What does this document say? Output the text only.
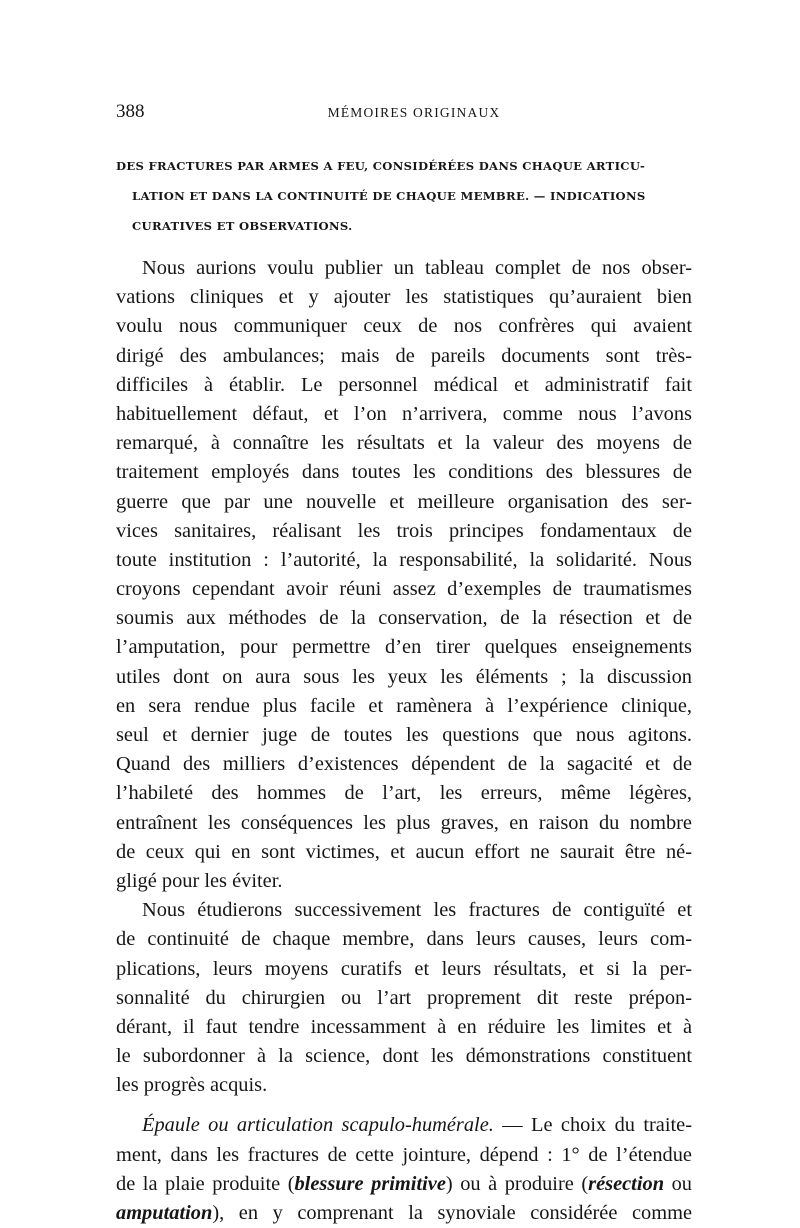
388	MÉMOIRES ORIGINAUX
DES FRACTURES PAR ARMES A FEU, CONSIDÉRÉES DANS CHAQUE ARTICU-
LATION ET DANS LA CONTINUITÉ DE CHAQUE MEMBRE. — INDICATIONS
CURATIVES ET OBSERVATIONS.
Nous aurions voulu publier un tableau complet de nos obser-
vations cliniques et y ajouter les statistiques qu’auraient bien
voulu nous communiquer ceux de nos confrères qui avaient
dirigé des ambulances; mais de pareils documents sont très-
difficiles à établir. Le personnel médical et administratif fait
habituellement défaut, et l’on n’arrivera, comme nous l’avons
remarqué, à connaître les résultats et la valeur des moyens de
traitement employés dans toutes les conditions des blessures de
guerre que par une nouvelle et meilleure organisation des ser-
vices sanitaires, réalisant les trois principes fondamentaux de
toute institution : l’autorité, la responsabilité, la solidarité. Nous
croyons cependant avoir réuni assez d’exemples de traumatismes
soumis aux méthodes de la conservation, de la résection et de
l’amputation, pour permettre d’en tirer quelques enseignements
utiles dont on aura sous les yeux les éléments ; la discussion
en sera rendue plus facile et ramènera à l’expérience clinique,
seul et dernier juge de toutes les questions que nous agitons.
Quand des milliers d’existences dépendent de la sagacité et de
l’habileté des hommes de l’art, les erreurs, même légères,
entraînent les conséquences les plus graves, en raison du nombre
de ceux qui en sont victimes, et aucun effort ne saurait être né-
gligé pour les éviter.
Nous étudierons successivement les fractures de contiguïté et
de continuité de chaque membre, dans leurs causes, leurs com-
plications, leurs moyens curatifs et leurs résultats, et si la per-
sonnalité du chirurgien ou l’art proprement dit reste prépon-
dérant, il faut tendre incessamment à en réduire les limites et à
le subordonner à la science, dont les démonstrations constituent
les progrès acquis.
Épaule ou articulation scapulo-humérale. — Le choix du traite-
ment, dans les fractures de cette jointure, dépend : 1° de l’étendue
de la plaie produite (blessure primitive) ou à produire (résection ou
amputation), en y comprenant la synoviale considérée comme
